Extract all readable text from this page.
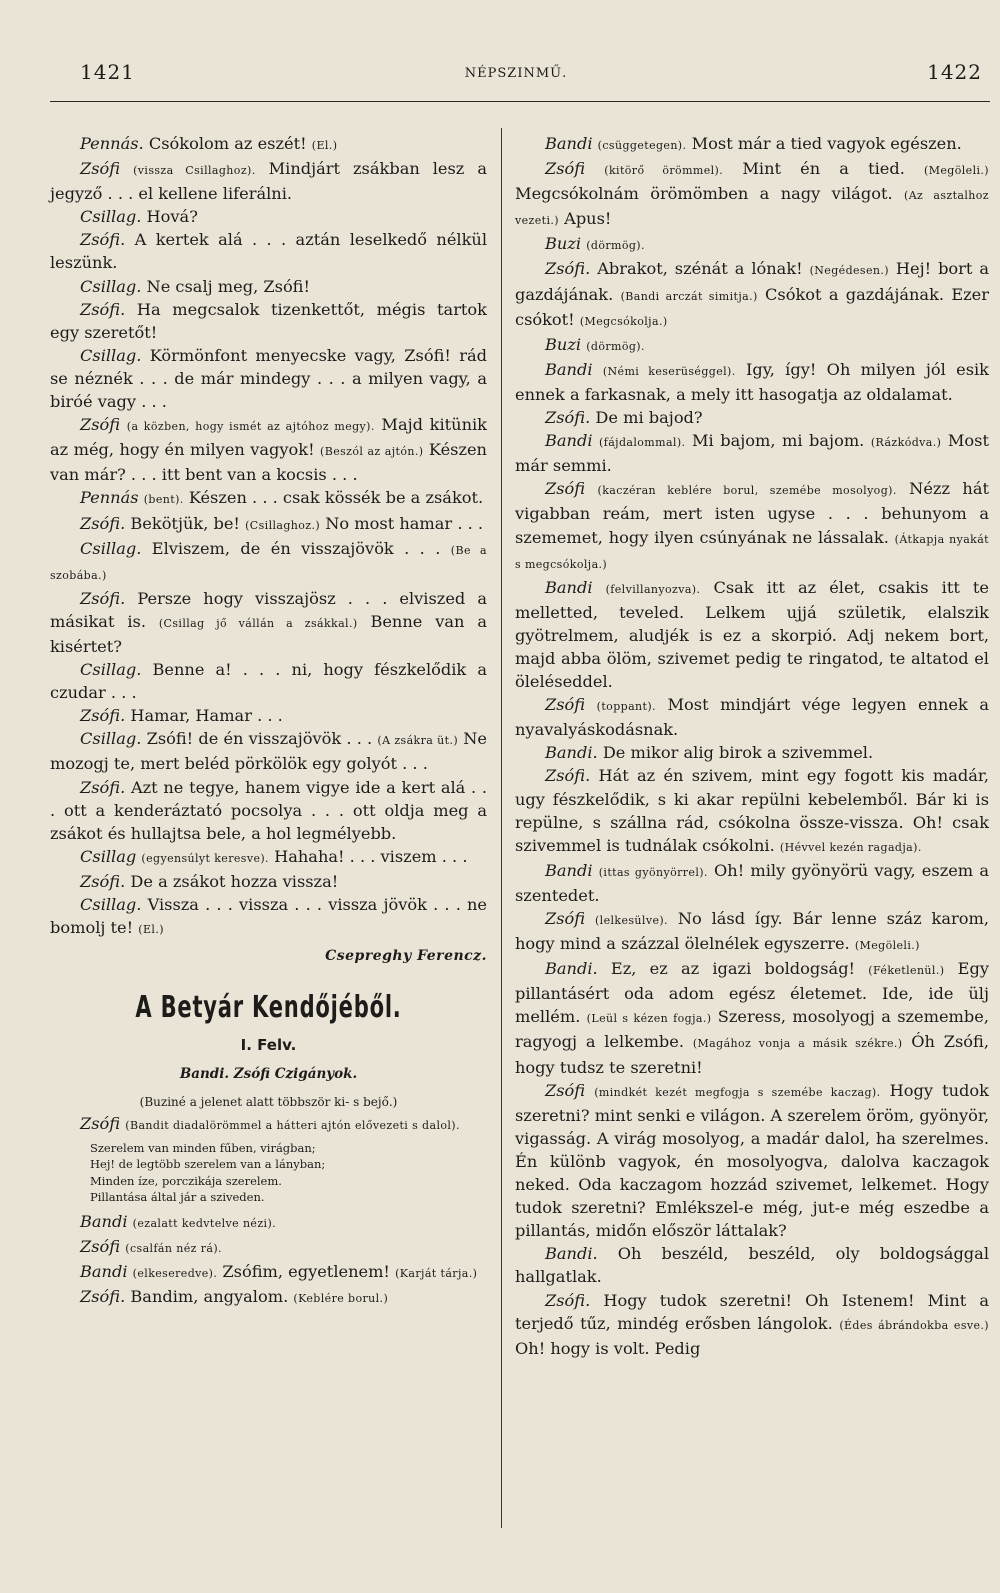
1421	NÉPSZINMŰ.	1422

Pennás. Csókolom az eszét! (El.)

Zsófi (vissza Csillaghoz). Mindjárt zsákban lesz a jegyző . . . el kellene liferálni.

Csillag. Hová?

Zsófi. A kertek alá . . . aztán leselkedő nélkül leszünk.

Csillag. Ne csalj meg, Zsófi!

Zsófi. Ha megcsalok tizenkettőt, mégis tartok egy szeretőt!

Csillag. Körmönfont menyecske vagy, Zsófi! rád se néznék . . . de már mindegy . . . a milyen vagy, a biróé vagy . . .

Zsófi (a közben, hogy ismét az ajtóhoz megy). Majd kitünik az még, hogy én milyen vagyok! (Beszól az ajtón.) Készen van már? . . . itt bent van a kocsis . . .

Pennás (bent). Készen . . . csak kössék be a zsákot.

Zsófi. Bekötjük, be! (Csillaghoz.) No most hamar . . .

Csillag. Elviszem, de én visszajövök . . . (Be a szobába.)

Zsófi. Persze hogy visszajösz . . . elviszed a másikat is. (Csillag jő vállán a zsákkal.) Benne van a kisértet?

Csillag. Benne a! . . . ni, hogy fészkelődik a czudar . . .

Zsófi. Hamar, Hamar . . .

Csillag. Zsófi! de én visszajövök . . . (A zsákra üt.) Ne mozogj te, mert beléd pörkölök egy golyót . . .

Zsófi. Azt ne tegye, hanem vigye ide a kert alá . . . ott a kenderáztató pocsolya . . . ott oldja meg a zsákot és hullajtsa bele, a hol legmélyebb.

Csillag (egyensúlyt keresve). Hahaha! . . . viszem . . .

Zsófi. De a zsákot hozza vissza!

Csillag. Vissza . . . vissza . . . vissza jövök . . . ne bomolj te! (El.)

Csepreghy Ferencz.

A Betyár Kendőjéből.

I. Felv.

Bandi. Zsófi Czigányok.

(Buziné a jelenet alatt többször ki- s bejő.)

Zsófi (Bandit diadalörömmel a hátteri ajtón elővezeti s dalol).

Szerelem van minden fűben, virágban;

Hej! de legtöbb szerelem van a lányban;

Minden íze, porczikája szerelem.

Pillantása által jár a sziveden.

Bandi (ezalatt kedvtelve nézi).

Zsófi (csalfán néz rá).

Bandi (elkeseredve). Zsófim, egyetlenem! (Karját tárja.)

Zsófi. Bandim, angyalom. (Keblére borul.)

Bandi (csüggetegen). Most már a tied vagyok egészen.

Zsófi (kitörő örömmel). Mint én a tied. (Megöleli.) Megcsókolnám örömömben a nagy világot. (Az asztalhoz vezeti.) Apus!

Buzi (dörmög).

Zsófi. Abrakot, szénát a lónak! (Negédesen.) Hej! bort a gazdájának. (Bandi arczát simitja.) Csókot a gazdájának. Ezer csókot! (Megcsókolja.)

Buzi (dörmög).

Bandi (Némi keserüséggel). Igy, így! Oh milyen jól esik ennek a farkasnak, a mely itt hasogatja az oldalamat.

Zsófi. De mi bajod?

Bandi (fájdalommal). Mi bajom, mi bajom. (Rázkódva.) Most már semmi.

Zsófi (kaczéran keblére borul, szemébe mosolyog). Nézz hát vigabban reám, mert isten ugyse . . . behunyom a szememet, hogy ilyen csúnyának ne lássalak. (Átkapja nyakát s megcsókolja.)

Bandi (felvillanyozva). Csak itt az élet, csakis itt te melletted, teveled. Lelkem ujjá születik, elalszik gyötrelmem, aludjék is ez a skorpió. Adj nekem bort, majd abba ölöm, szivemet pedig te ringatod, te altatod el öleléseddel.

Zsófi (toppant). Most mindjárt vége legyen ennek a nyavalyáskodásnak.

Bandi. De mikor alig birok a szivemmel.

Zsófi. Hát az én szivem, mint egy fogott kis madár, ugy fészkelődik, s ki akar repülni kebelemből. Bár ki is repülne, s szállna rád, csókolna össze-vissza. Oh! csak szivemmel is tudnálak csókolni. (Hévvel kezén ragadja).

Bandi (ittas gyönyörrel). Oh! mily gyönyörü vagy, eszem a szentedet.

Zsófi (lelkesülve). No lásd így. Bár lenne száz karom, hogy mind a százzal ölelnélek egyszerre. (Megöleli.)

Bandi. Ez, ez az igazi boldogság! (Féketlenül.) Egy pillantásért oda adom egész életemet. Ide, ide ülj mellém. (Leül s kézen fogja.) Szeress, mosolyogj a szemembe, ragyogj a lelkembe. (Magához vonja a másik székre.) Óh Zsófi, hogy tudsz te szeretni!

Zsófi (mindkét kezét megfogja s szemébe kaczag). Hogy tudok szeretni? mint senki e világon. A szerelem öröm, gyönyör, vigasság. A virág mosolyog, a madár dalol, ha szerelmes. Én különb vagyok, én mosolyogva, dalolva kaczagok neked. Oda kaczagom hozzád szivemet, lelkemet. Hogy tudok szeretni? Emlékszel-e még, jut-e még eszedbe a pillantás, midőn először láttalak?

Bandi. Oh beszéld, beszéld, oly boldogsággal hallgatlak.

Zsófi. Hogy tudok szeretni! Oh Istenem! Mint a terjedő tűz, mindég erősben lángolok. (Édes ábrándokba esve.) Oh! hogy is volt. Pedig
